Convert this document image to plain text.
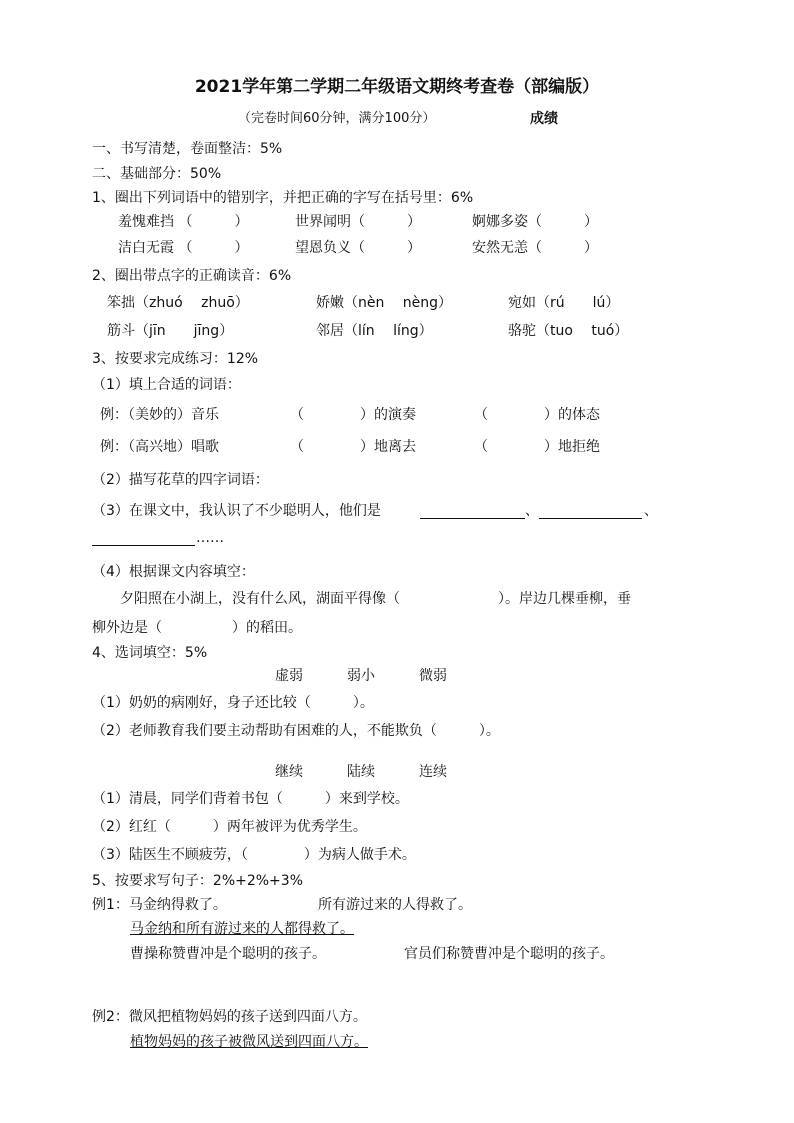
2021学年第二学期二年级语文期终考查卷（部编版）
（完卷时间60分钟，满分100分）	成绩
一、书写清楚，卷面整洁：5%
二、基础部分：50%
1、圈出下列词语中的错别字，并把正确的字写在括号里：6%
羞愧难挡 （　　　）	世界闻明（　　　）	婀娜多姿（　　　）
洁白无霞 （　　　）	望恩负义（　　　）	安然无恙（　　　）
2、圈出带点字的正确读音：6%
笨拙（zhuó　 zhuō）	娇嫩（nèn　 nèng）	宛如（rú　　lú）
筋斗（jīn　　jīng）	邻居（lín　 líng）	骆驼（tuo　 tuó）
3、按要求完成练习：12%
（1）填上合适的词语：
例：（美妙的）音乐	（　　　　）的演奏	（　　　　）的体态
例：（高兴地）唱歌	（　　　　）地离去	（　　　　）地拒绝
（2）描写花草的四字词语：
（3）在课文中，我认识了不少聪明人，他们是	、	、
……
（4）根据课文内容填空：
夕阳照在小湖上，没有什么风，湖面平得像（　　　　　　　）。岸边几棵垂柳，垂
柳外边是（　　　　　）的稻田。
4、选词填空：5%
虚弱	弱小	微弱
（1）奶奶的病刚好，身子还比较（　　　）。
（2）老师教育我们要主动帮助有困难的人，不能欺负（　　　）。
继续	陆续	连续
（1）清晨，同学们背着书包（　　　）来到学校。
（2）红红（　　　）两年被评为优秀学生。
（3）陆医生不顾疲劳，（　　　　）为病人做手术。
5、按要求写句子：2%+2%+3%
例1：马金纳得救了。	所有游过来的人得救了。
马金纳和所有游过来的人都得救了。
曹操称赞曹冲是个聪明的孩子。	官员们称赞曹冲是个聪明的孩子。
例2：微风把植物妈妈的孩子送到四面八方。
植物妈妈的孩子被微风送到四面八方。
